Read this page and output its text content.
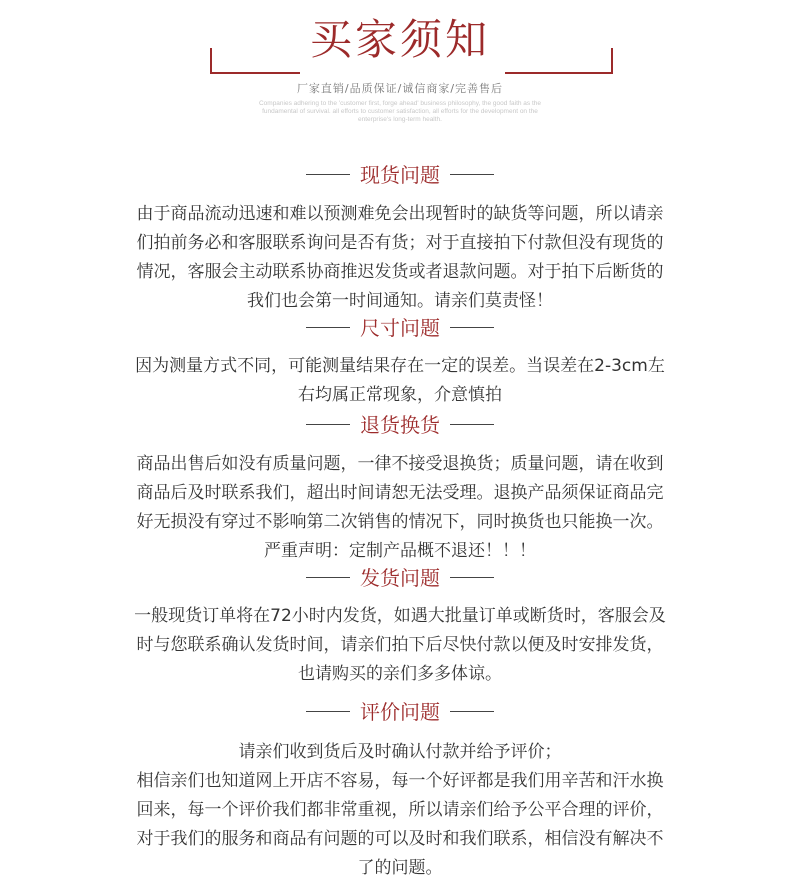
买家须知
厂家直销/品质保证/诚信商家/完善售后
Companies adhering to the 'customer first, forge ahead' business philosophy, the good faith as the
fundamental of survival. all efforts to customer satisfaction, all efforts for the development on the
enterprise's long-term health.
现货问题
由于商品流动迅速和难以预测难免会出现暂时的缺货等问题，所以请亲
们拍前务必和客服联系询问是否有货；对于直接拍下付款但没有现货的
情况，客服会主动联系协商推迟发货或者退款问题。对于拍下后断货的
我们也会第一时间通知。请亲们莫责怪！
尺寸问题
因为测量方式不同，可能测量结果存在一定的误差。当误差在2-3cm左
右均属正常现象，介意慎拍
退货换货
商品出售后如没有质量问题，一律不接受退换货；质量问题，请在收到
商品后及时联系我们，超出时间请恕无法受理。退换产品须保证商品完
好无损没有穿过不影响第二次销售的情况下，同时换货也只能换一次。
严重声明：定制产品概不退还！！！
发货问题
一般现货订单将在72小时内发货，如遇大批量订单或断货时，客服会及
时与您联系确认发货时间，请亲们拍下后尽快付款以便及时安排发货，
也请购买的亲们多多体谅。
评价问题
请亲们收到货后及时确认付款并给予评价；
相信亲们也知道网上开店不容易，每一个好评都是我们用辛苦和汗水换
回来，每一个评价我们都非常重视，所以请亲们给予公平合理的评价，
对于我们的服务和商品有问题的可以及时和我们联系，相信没有解决不
了的问题。
